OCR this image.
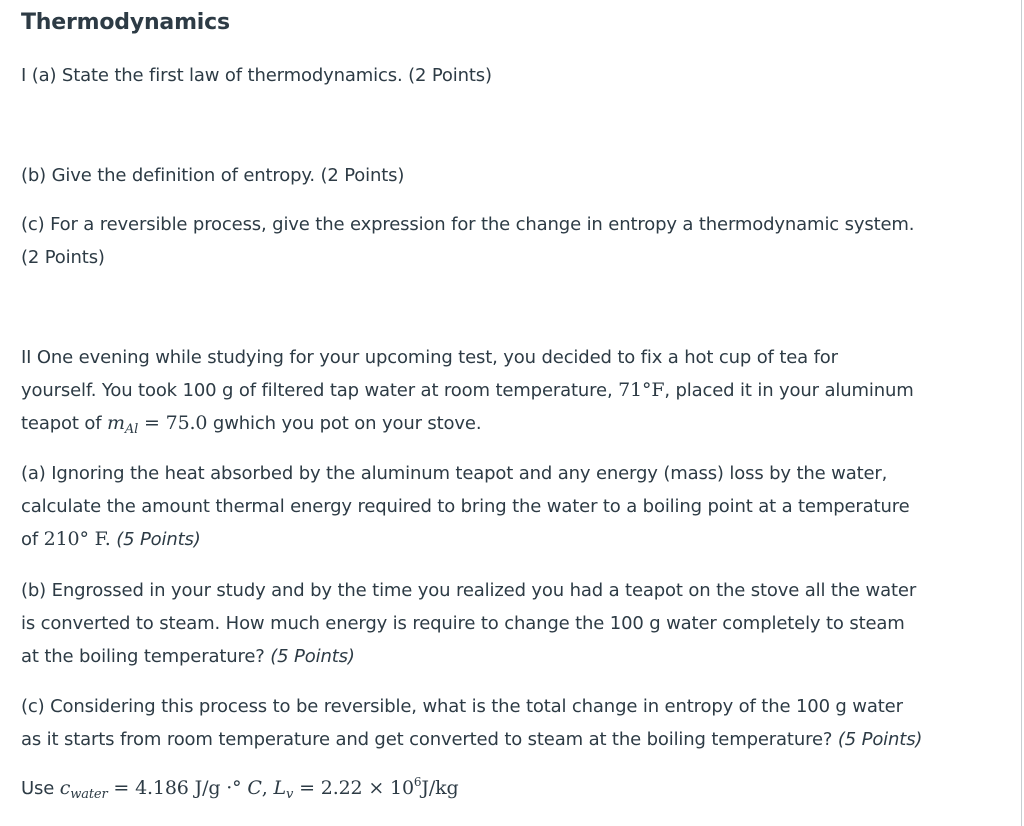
Thermodynamics

I (a) State the first law of thermodynamics. (2 Points)

(b) Give the definition of entropy. (2 Points)

(c) For a reversible process, give the expression for the change in entropy a thermodynamic system.
(2 Points)

II One evening while studying for your upcoming test, you decided to fix a hot cup of tea for
yourself. You took 100 g of filtered tap water at room temperature, 71°F, placed it in your aluminum
teapot of $m_{Al} = 75.0$ gwhich you pot on your stove.

(a) Ignoring the heat absorbed by the aluminum teapot and any energy (mass) loss by the water,
calculate the amount thermal energy required to bring the water to a boiling point at a temperature
of 210° F. (5 Points)

(b) Engrossed in your study and by the time you realized you had a teapot on the stove all the water
is converted to steam. How much energy is require to change the 100 g water completely to steam
at the boiling temperature? (5 Points)

(c) Considering this process to be reversible, what is the total change in entropy of the 100 g water
as it starts from room temperature and get converted to steam at the boiling temperature? (5 Points)

Use $c_{water} = 4.186$ J/g ·° C, $L_v = 2.22 \times 10^6J/kg$
